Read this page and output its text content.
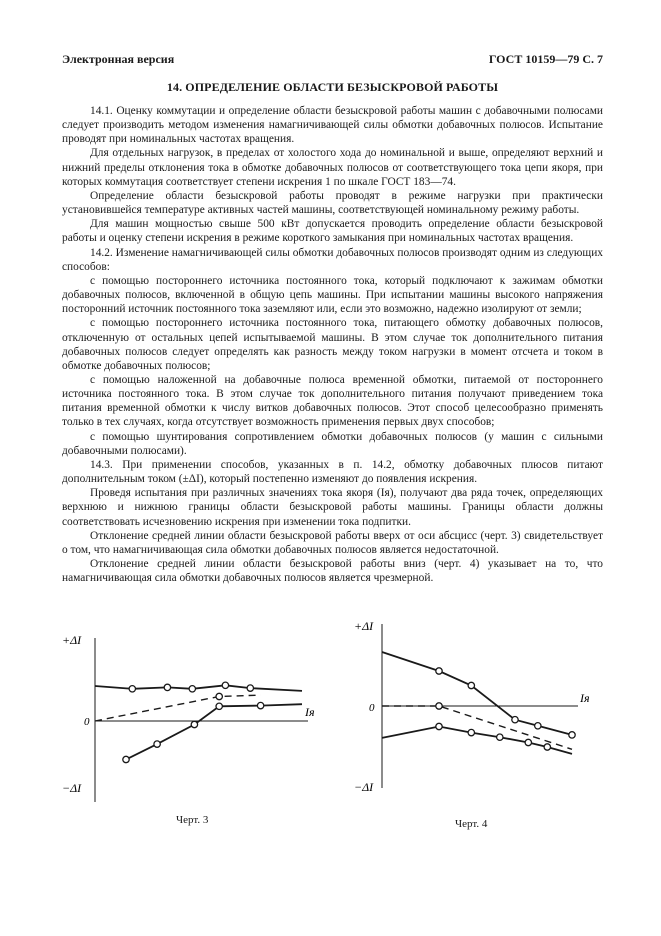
Электронная версия	ГОСТ 10159—79 С. 7
14. ОПРЕДЕЛЕНИЕ ОБЛАСТИ БЕЗЫСКРОВОЙ РАБОТЫ

14.1. Оценку коммутации и определение области безыскровой работы машин с добавочными полюсами следует производить методом изменения намагничивающей силы обмотки добавочных полюсов. Испытание проводят при номинальных частотах вращения.

Для отдельных нагрузок, в пределах от холостого хода до номинальной и выше, определяют верхний и нижний пределы отклонения тока в обмотке добавочных полюсов от соответствующего тока цепи якоря, при которых коммутация соответствует степени искрения 1 по шкале ГОСТ 183—74.

Определение области безыскровой работы проводят в режиме нагрузки при практически установившейся температуре активных частей машины, соответствующей номинальному режиму работы.

Для машин мощностью свыше 500 кВт допускается проводить определение области безыскровой работы и оценку степени искрения в режиме короткого замыкания при номинальных частотах вращения.

14.2. Изменение намагничивающей силы обмотки добавочных полюсов производят одним из следующих способов:

с помощью постороннего источника постоянного тока, который подключают к зажимам обмотки добавочных полюсов, включенной в общую цепь машины. При испытании машины высокого напряжения посторонний источник постоянного тока заземляют или, если это возможно, надежно изолируют от земли;

с помощью постороннего источника постоянного тока, питающего обмотку добавочных полюсов, отключенную от остальных цепей испытываемой машины. В этом случае ток дополнительного питания добавочных полюсов следует определять как разность между током нагрузки в момент отсчета и током в обмотке добавочных полюсов;

с помощью наложенной на добавочные полюса временной обмотки, питаемой от постороннего источника постоянного тока. В этом случае ток дополнительного питания получают приведением тока питания временной обмотки к числу витков добавочных полюсов. Этот способ целесообразно применять только в тех случаях, когда отсутствует возможность применения первых двух способов;

с помощью шунтирования сопротивлением обмотки добавочных полюсов (у машин с сильными добавочными полюсами).

14.3. При применении способов, указанных в п. 14.2, обмотку добавочных плюсов питают дополнительным током (±ΔI), который постепенно изменяют до появления искрения.

Проведя испытания при различных значениях тока якоря (Iя), получают два ряда точек, определяющих верхнюю и нижнюю границы области безыскровой работы машины. Границы области должны соответствовать исчезновению искрения при изменении тока подпитки.

Отклонение средней линии области безыскровой работы вверх от оси абсцисс (черт. 3) свидетельствует о том, что намагничивающая сила обмотки добавочных полюсов является недостаточной.

Отклонение средней линии области безыскровой работы вниз (черт. 4) указывает на то, что намагничивающая сила обмотки добавочных полюсов является чрезмерной.

+ΔI
0
−ΔI
Iя
Черт. 3
+ΔI
0
−ΔI
Iя
Черт. 4
